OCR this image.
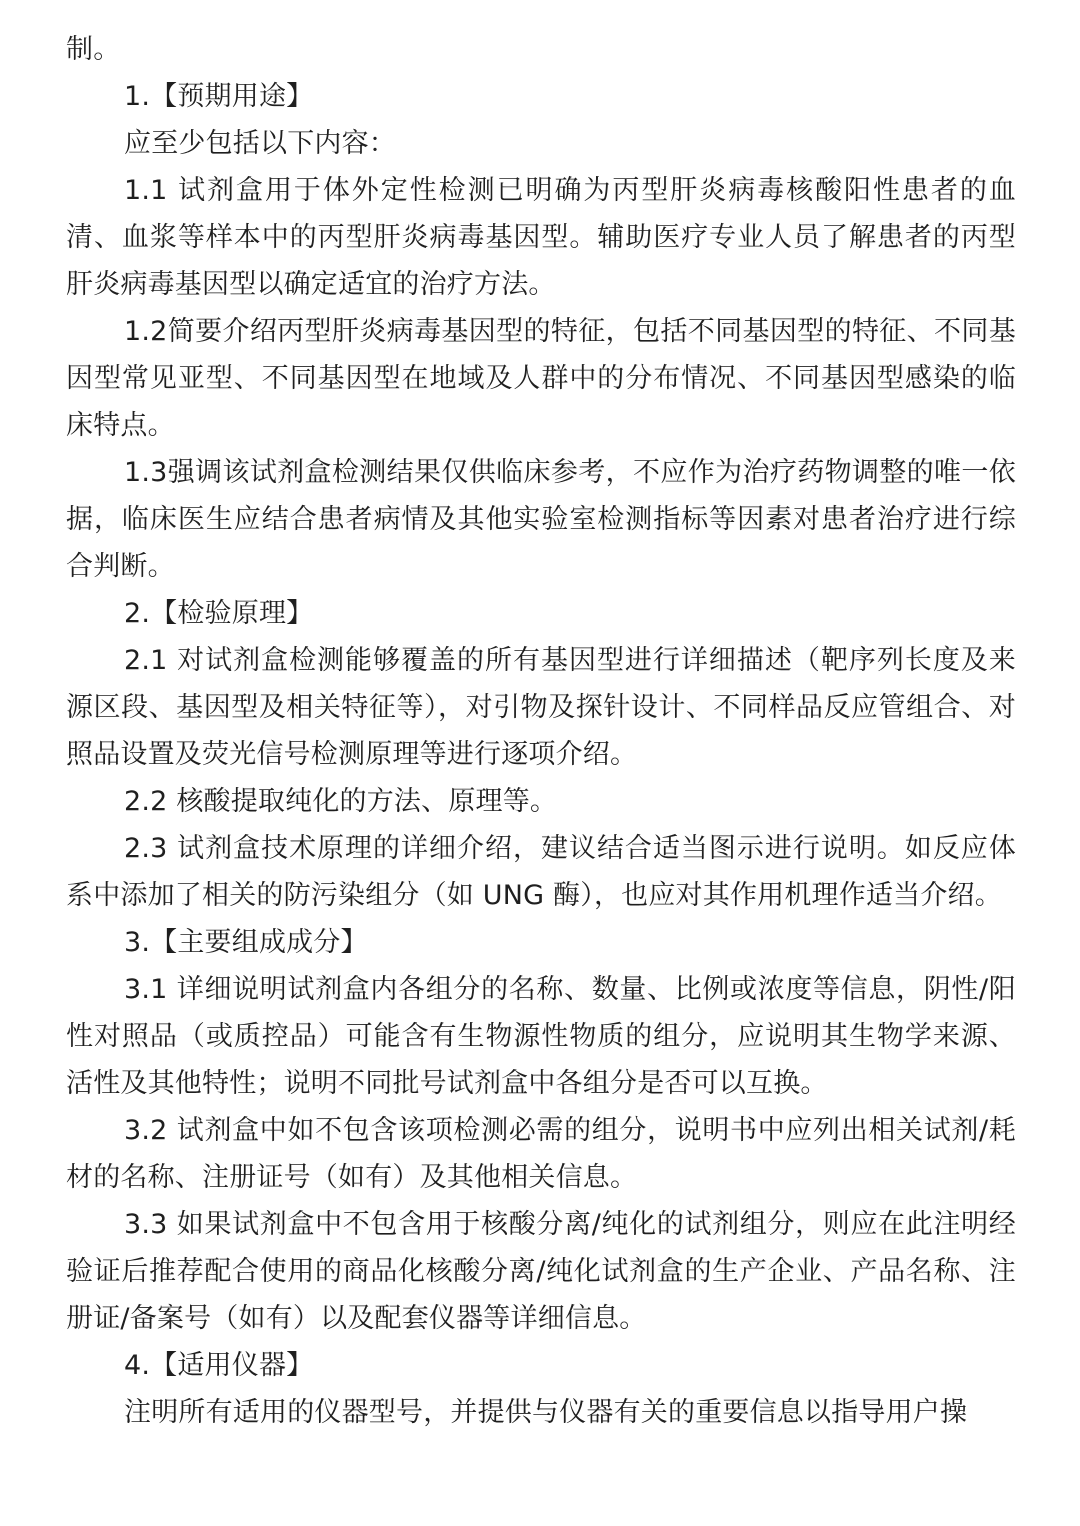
制。

1.【预期用途】

应至少包括以下内容：

1.1 试剂盒用于体外定性检测已明确为丙型肝炎病毒核酸阳性患者的血清、血浆等样本中的丙型肝炎病毒基因型。辅助医疗专业人员了解患者的丙型肝炎病毒基因型以确定适宜的治疗方法。

1.2简要介绍丙型肝炎病毒基因型的特征，包括不同基因型的特征、不同基因型常见亚型、不同基因型在地域及人群中的分布情况、不同基因型感染的临床特点。

1.3强调该试剂盒检测结果仅供临床参考，不应作为治疗药物调整的唯一依据，临床医生应结合患者病情及其他实验室检测指标等因素对患者治疗进行综合判断。

2.【检验原理】

2.1 对试剂盒检测能够覆盖的所有基因型进行详细描述（靶序列长度及来源区段、基因型及相关特征等），对引物及探针设计、不同样品反应管组合、对照品设置及荧光信号检测原理等进行逐项介绍。

2.2 核酸提取纯化的方法、原理等。

2.3 试剂盒技术原理的详细介绍，建议结合适当图示进行说明。如反应体系中添加了相关的防污染组分（如 UNG 酶），也应对其作用机理作适当介绍。

3.【主要组成成分】

3.1 详细说明试剂盒内各组分的名称、数量、比例或浓度等信息，阴性/阳性对照品（或质控品）可能含有生物源性物质的组分，应说明其生物学来源、活性及其他特性；说明不同批号试剂盒中各组分是否可以互换。

3.2 试剂盒中如不包含该项检测必需的组分，说明书中应列出相关试剂/耗材的名称、注册证号（如有）及其他相关信息。

3.3 如果试剂盒中不包含用于核酸分离/纯化的试剂组分，则应在此注明经验证后推荐配合使用的商品化核酸分离/纯化试剂盒的生产企业、产品名称、注册证/备案号（如有）以及配套仪器等详细信息。

4.【适用仪器】

注明所有适用的仪器型号，并提供与仪器有关的重要信息以指导用户操
